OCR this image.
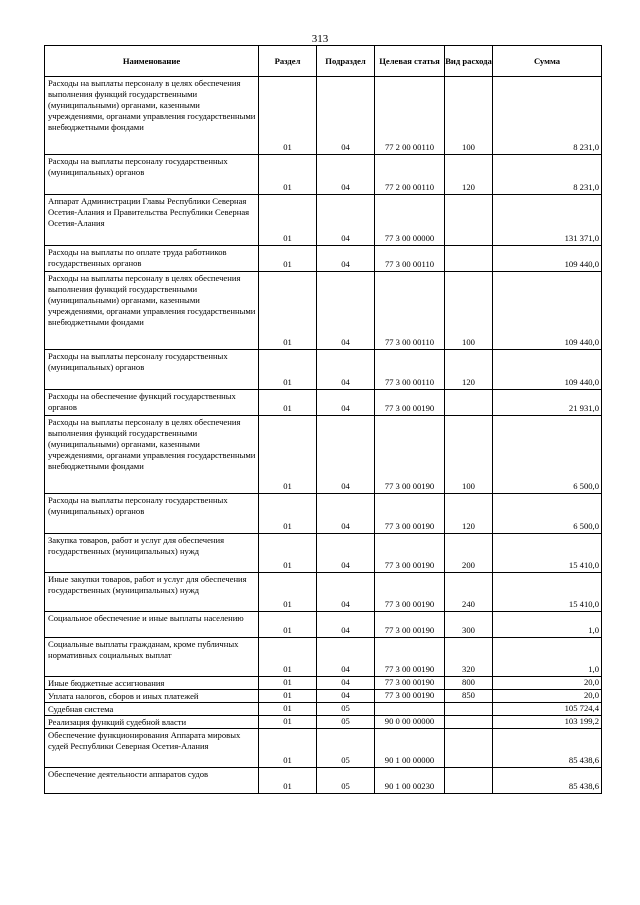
313
Наименование	Раздел	Подраздел	Целевая статья	Вид расхода	Сумма
Расходы на выплаты персоналу в целях обеспечения выполнения функций государственными (муниципальными) органами, казенными учреждениями, органами управления государственными внебюджетными фондами	01	04	77 2 00 00110	100	8 231,0
Расходы на выплаты персоналу государственных (муниципальных) органов	01	04	77 2 00 00110	120	8 231,0
Аппарат Администрации Главы Республики Северная Осетия-Алания и Правительства Республики Северная Осетия-Алания	01	04	77 3 00 00000		131 371,0
Расходы на выплаты по оплате труда работников государственных органов	01	04	77 3 00 00110		109 440,0
Расходы на выплаты персоналу в целях обеспечения выполнения функций государственными (муниципальными) органами, казенными учреждениями, органами управления государственными внебюджетными фондами	01	04	77 3 00 00110	100	109 440,0
Расходы на выплаты персоналу государственных (муниципальных) органов	01	04	77 3 00 00110	120	109 440,0
Расходы на обеспечение функций государственных органов	01	04	77 3 00 00190		21 931,0
Расходы на выплаты персоналу в целях обеспечения выполнения функций государственными (муниципальными) органами, казенными учреждениями, органами управления государственными внебюджетными фондами	01	04	77 3 00 00190	100	6 500,0
Расходы на выплаты персоналу государственных (муниципальных) органов	01	04	77 3 00 00190	120	6 500,0
Закупка товаров, работ и услуг для обеспечения государственных (муниципальных) нужд	01	04	77 3 00 00190	200	15 410,0
Иные закупки товаров, работ и услуг для обеспечения государственных (муниципальных) нужд	01	04	77 3 00 00190	240	15 410,0
Социальное обеспечение и иные выплаты населению	01	04	77 3 00 00190	300	1,0
Социальные выплаты гражданам, кроме публичных нормативных социальных выплат	01	04	77 3 00 00190	320	1,0
Иные бюджетные ассигнования	01	04	77 3 00 00190	800	20,0
Уплата налогов, сборов и иных платежей	01	04	77 3 00 00190	850	20,0
Судебная система	01	05			105 724,4
Реализация функций судебной власти	01	05	90 0 00 00000		103 199,2
Обеспечение функционирования Аппарата мировых судей Республики Северная Осетия-Алания	01	05	90 1 00 00000		85 438,6
Обеспечение деятельности аппаратов судов	01	05	90 1 00 00230		85 438,6
